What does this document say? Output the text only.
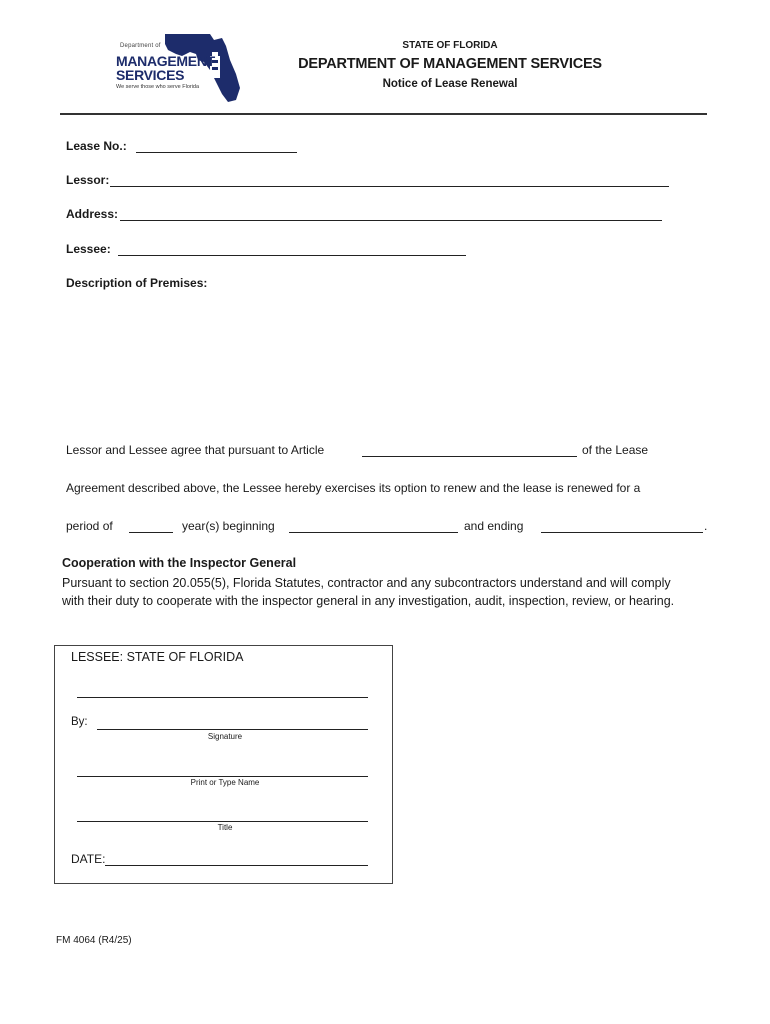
Department of
MANAGEMENT
SERVICES
We serve those who serve Florida
STATE OF FLORIDA
DEPARTMENT OF MANAGEMENT SERVICES
Notice of Lease Renewal
Lease No.:
Lessor:
Address:
Lessee:
Description of Premises:
Lessor and Lessee agree that pursuant to Article	of the Lease
Agreement described above, the Lessee hereby exercises its option to renew and the lease is renewed for a
period of	year(s) beginning	and ending	.
Cooperation with the Inspector General
Pursuant to section 20.055(5), Florida Statutes, contractor and any subcontractors understand and will comply with their duty to cooperate with the inspector general in any investigation, audit, inspection, review, or hearing.
LESSEE: STATE OF FLORIDA
By:
Signature
Print or Type Name
Title
DATE:
FM 4064 (R4/25)
